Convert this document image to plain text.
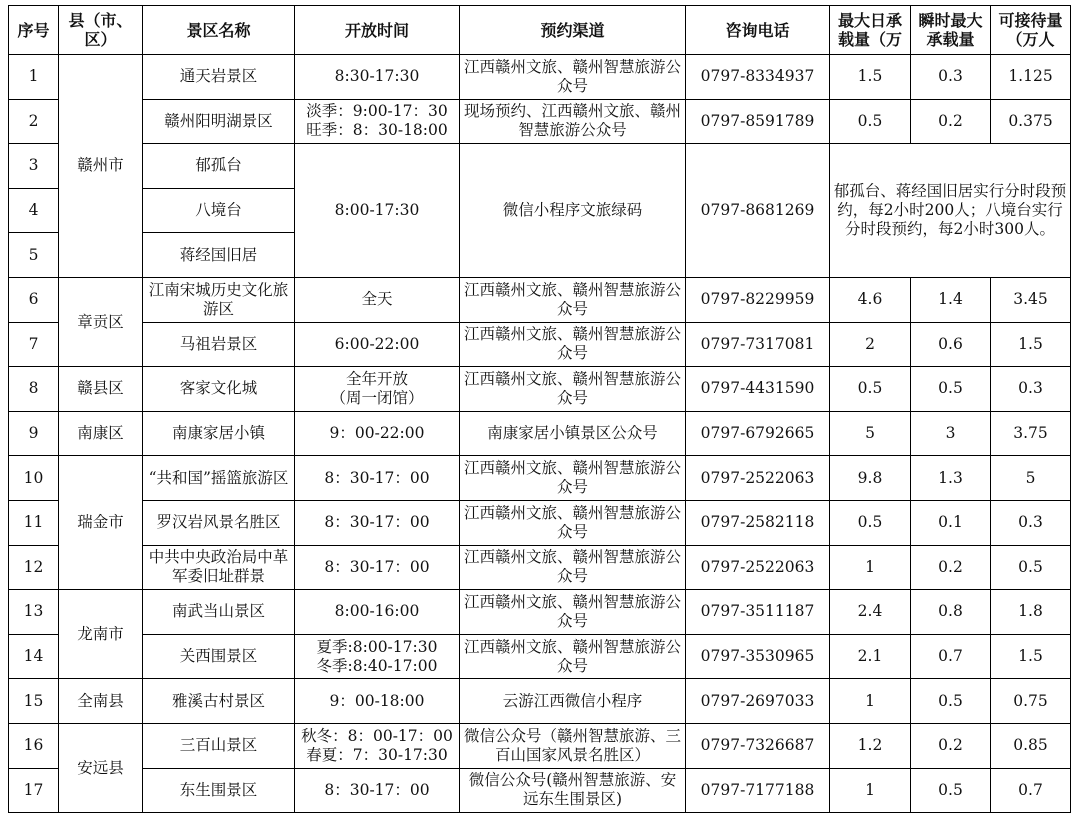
序号	县（市、区）	景区名称	开放时间	预约渠道	咨询电话	最大日承载量（万	瞬时最大承载量	可接待量（万人
1	赣州市	通天岩景区	8:30-17:30	江西赣州文旅、赣州智慧旅游公众号	0797-8334937	1.5	0.3	1.125
2		赣州阳明湖景区	淡季：9:00-17：30
旺季：8：30-18:00	现场预约、江西赣州文旅、赣州智慧旅游公众号	0797-8591789	0.5	0.2	0.375
3		郁孤台	8:00-17:30	微信小程序文旅绿码	0797-8681269	郁孤台、蒋经国旧居实行分时段预约，每2小时200人；八境台实行分时段预约，每2小时300人。		
4		八境台						
5		蒋经国旧居						
6	章贡区	江南宋城历史文化旅游区	全天	江西赣州文旅、赣州智慧旅游公众号	0797-8229959	4.6	1.4	3.45
7		马祖岩景区	6:00-22:00	江西赣州文旅、赣州智慧旅游公众号	0797-7317081	2	0.6	1.5
8	赣县区	客家文化城	全年开放
（周一闭馆）	江西赣州文旅、赣州智慧旅游公众号	0797-4431590	0.5	0.5	0.3
9	南康区	南康家居小镇	9：00-22:00	南康家居小镇景区公众号	0797-6792665	5	3	3.75
10	瑞金市	“共和国”摇篮旅游区	8：30-17：00	江西赣州文旅、赣州智慧旅游公众号	0797-2522063	9.8	1.3	5
11		罗汉岩风景名胜区	8：30-17：00	江西赣州文旅、赣州智慧旅游公众号	0797-2582118	0.5	0.1	0.3
12		中共中央政治局中革军委旧址群景	8：30-17：00	江西赣州文旅、赣州智慧旅游公众号	0797-2522063	1	0.2	0.5
13	龙南市	南武当山景区	8:00-16:00	江西赣州文旅、赣州智慧旅游公众号	0797-3511187	2.4	0.8	1.8
14		关西围景区	夏季:8:00-17:30
冬季:8:40-17:00	江西赣州文旅、赣州智慧旅游公众号	0797-3530965	2.1	0.7	1.5
15	全南县	雅溪古村景区	9：00-18:00	云游江西微信小程序	0797-2697033	1	0.5	0.75
16	安远县	三百山景区	秋冬：8：00-17：00
春夏：7：30-17:30	微信公众号（赣州智慧旅游、三百山国家风景名胜区）	0797-7326687	1.2	0.2	0.85
17		东生围景区	8：30-17：00	微信公众号(赣州智慧旅游、安远东生围景区)	0797-7177188	1	0.5	0.7
